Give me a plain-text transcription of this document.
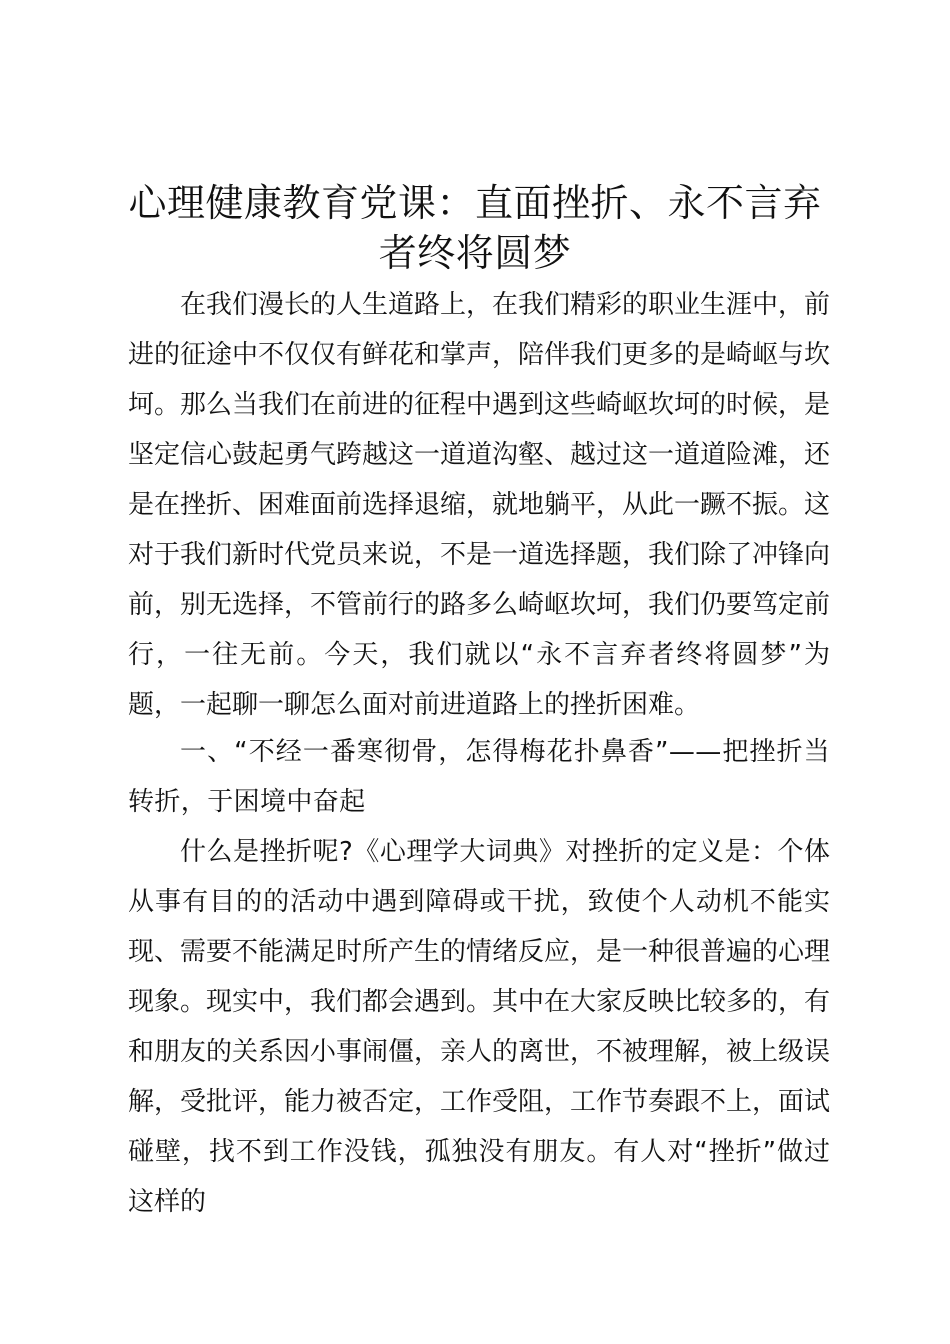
心理健康教育党课：直面挫折、永不言弃者终将圆梦

在我们漫长的人生道路上，在我们精彩的职业生涯中，前进的征途中不仅仅有鲜花和掌声，陪伴我们更多的是崎岖与坎坷。那么当我们在前进的征程中遇到这些崎岖坎坷的时候，是坚定信心鼓起勇气跨越这一道道沟壑、越过这一道道险滩，还是在挫折、困难面前选择退缩，就地躺平，从此一蹶不振。这对于我们新时代党员来说，不是一道选择题，我们除了冲锋向前，别无选择，不管前行的路多么崎岖坎坷，我们仍要笃定前行，一往无前。今天，我们就以“永不言弃者终将圆梦”为题，一起聊一聊怎么面对前进道路上的挫折困难。

一、“不经一番寒彻骨，怎得梅花扑鼻香”——把挫折当转折，于困境中奋起

什么是挫折呢?《心理学大词典》对挫折的定义是：个体从事有目的的活动中遇到障碍或干扰，致使个人动机不能实现、需要不能满足时所产生的情绪反应，是一种很普遍的心理现象。现实中，我们都会遇到。其中在大家反映比较多的，有和朋友的关系因小事闹僵，亲人的离世，不被理解，被上级误解，受批评，能力被否定，工作受阻，工作节奏跟不上，面试碰壁，找不到工作没钱，孤独没有朋友。有人对“挫折”做过这样的
